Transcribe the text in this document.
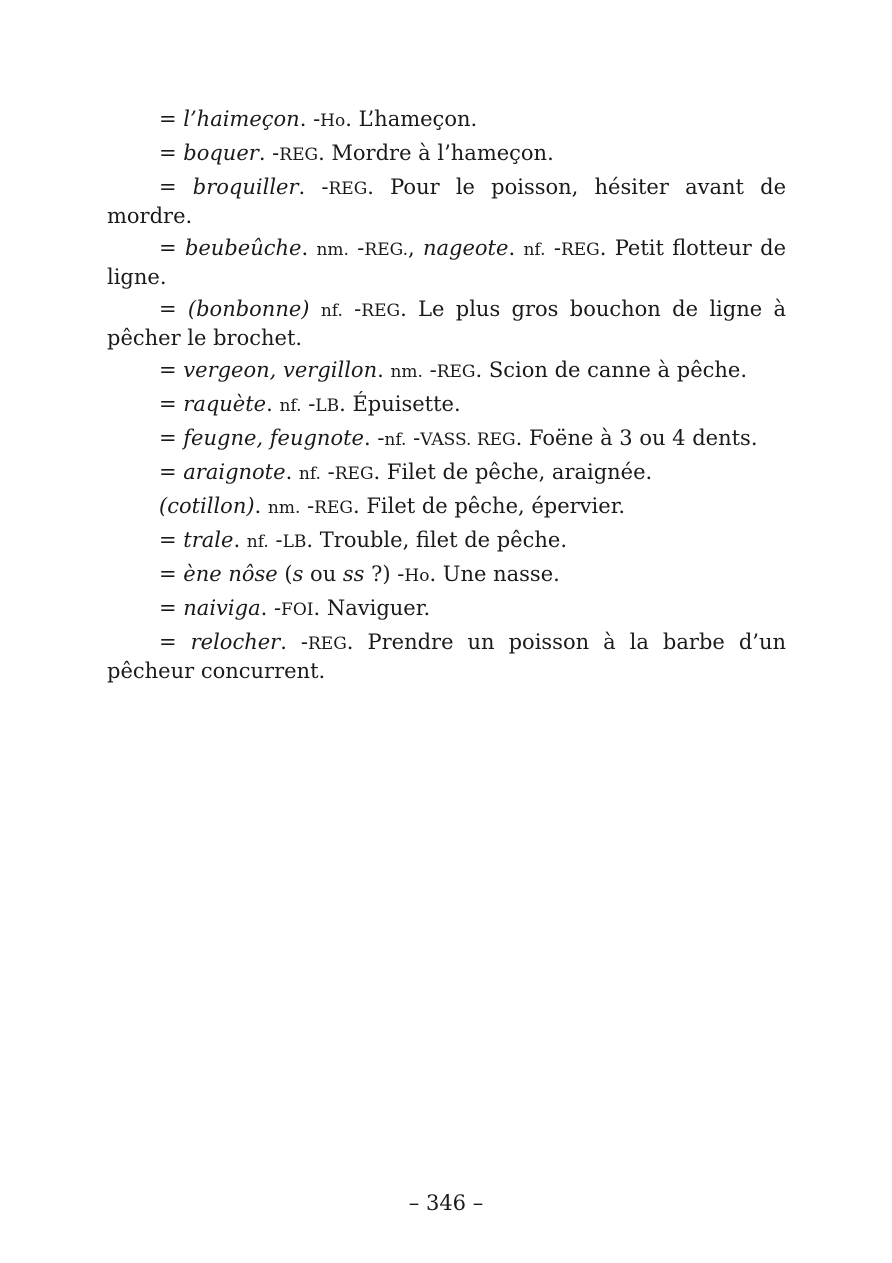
= l’haimeçon. -Ho. L’hameçon.

= boquer. -REG. Mordre à l’hameçon.

= broquiller. -REG. Pour le poisson, hésiter avant de mordre.

= beubeûche. nm. -REG., nageote. nf. -REG. Petit flotteur de ligne.

= (bonbonne) nf. -REG. Le plus gros bouchon de ligne à pêcher le brochet.

= vergeon, vergillon. nm. -REG. Scion de canne à pêche.

= raquète. nf. -LB. Épuisette.

= feugne, feugnote. -nf. -VASS. REG. Foëne à 3 ou 4 dents.

= araignote. nf. -REG. Filet de pêche, araignée.

(cotillon). nm. -REG. Filet de pêche, épervier.

= trale. nf. -LB. Trouble, filet de pêche.

= ène nôse (s ou ss ?) -Ho. Une nasse.

= naiviga. -FOI. Naviguer.

= relocher. -REG. Prendre un poisson à la barbe d’un pêcheur concurrent.

– 346 –
